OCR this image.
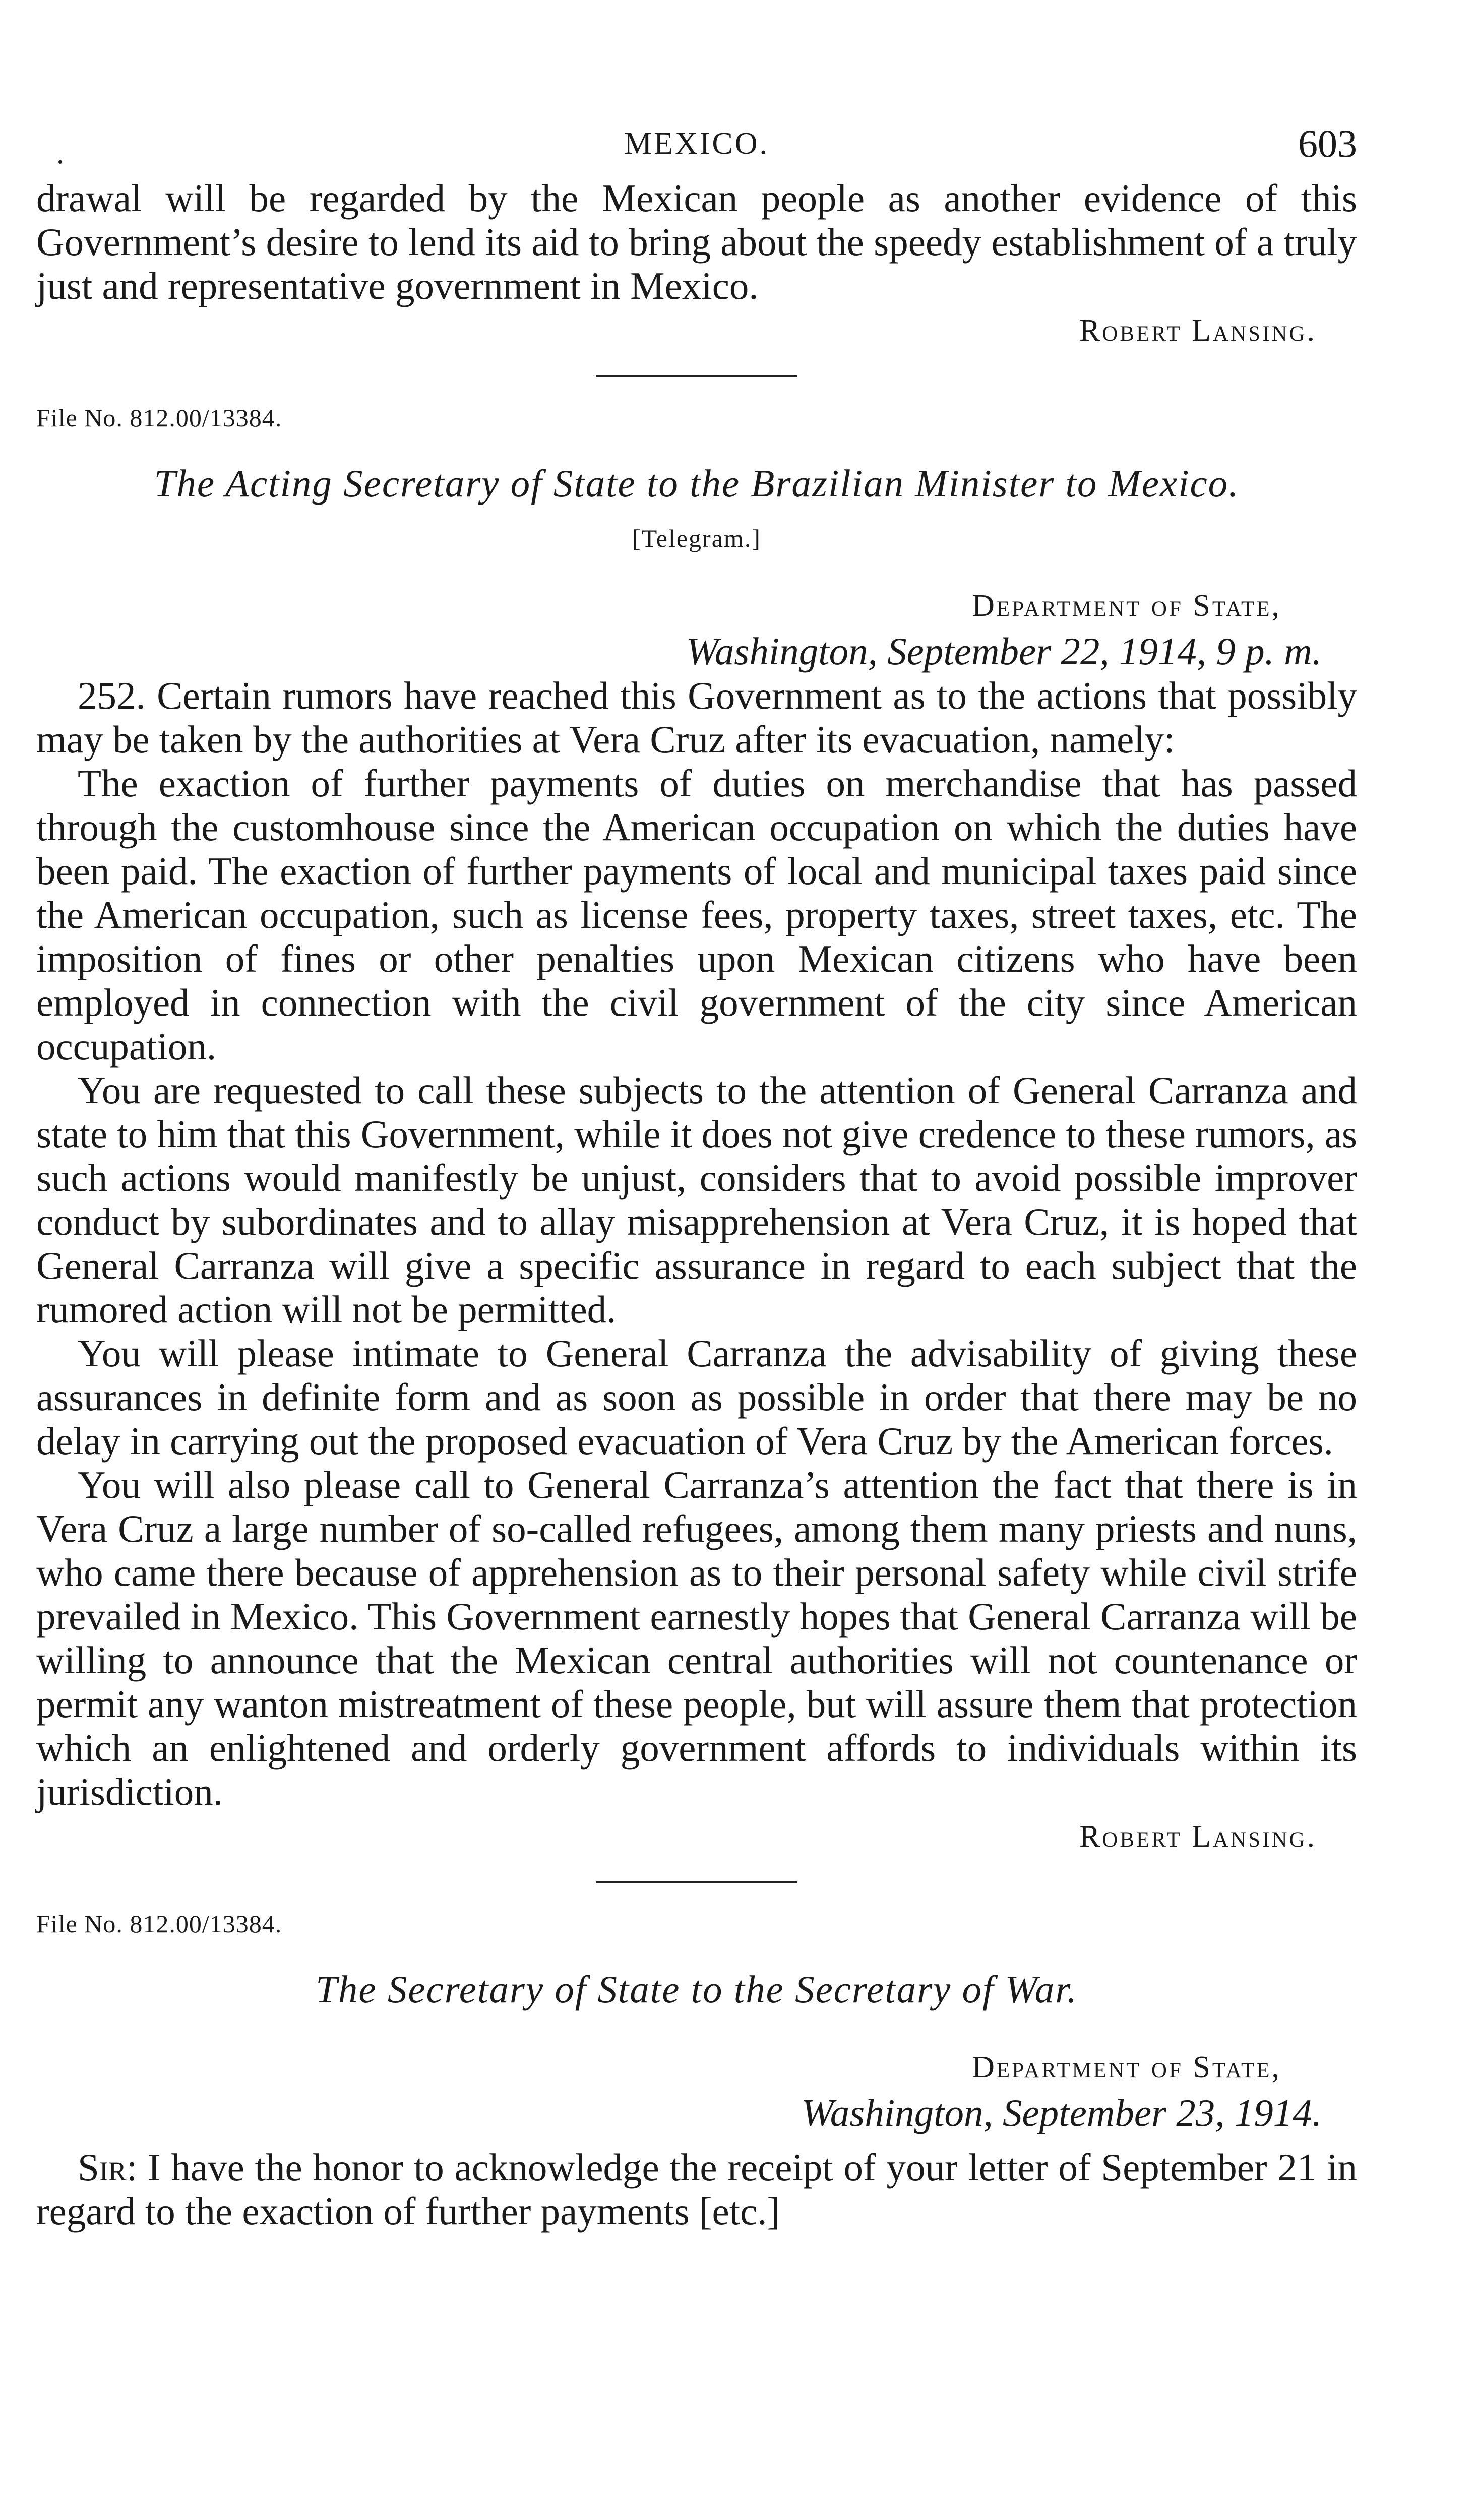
.	MEXICO.	603

drawal will be regarded by the Mexican people as another evidence of this Government’s desire to lend its aid to bring about the speedy establishment of a truly just and representative government in Mexico.

Robert Lansing.

File No. 812.00/13384.

The Acting Secretary of State to the Brazilian Minister to Mexico.
[Telegram.]

Department of State,
Washington, September 22, 1914, 9 p. m.

252. Certain rumors have reached this Government as to the actions that possibly may be taken by the authorities at Vera Cruz after its evacuation, namely:

The exaction of further payments of duties on merchandise that has passed through the customhouse since the American occupation on which the duties have been paid. The exaction of further payments of local and municipal taxes paid since the American occupation, such as license fees, property taxes, street taxes, etc. The imposition of fines or other penalties upon Mexican citizens who have been employed in connection with the civil government of the city since American occupation.

You are requested to call these subjects to the attention of General Carranza and state to him that this Government, while it does not give credence to these rumors, as such actions would manifestly be unjust, considers that to avoid possible improver conduct by subordinates and to allay misapprehension at Vera Cruz, it is hoped that General Carranza will give a specific assurance in regard to each subject that the rumored action will not be permitted.

You will please intimate to General Carranza the advisability of giving these assurances in definite form and as soon as possible in order that there may be no delay in carrying out the proposed evacuation of Vera Cruz by the American forces.

You will also please call to General Carranza’s attention the fact that there is in Vera Cruz a large number of so-called refugees, among them many priests and nuns, who came there because of apprehension as to their personal safety while civil strife prevailed in Mexico. This Government earnestly hopes that General Carranza will be willing to announce that the Mexican central authorities will not countenance or permit any wanton mistreatment of these people, but will assure them that protection which an enlightened and orderly government affords to individuals within its jurisdiction.

Robert Lansing.

File No. 812.00/13384.

The Secretary of State to the Secretary of War.

Department of State,
Washington, September 23, 1914.

Sir: I have the honor to acknowledge the receipt of your letter of September 21 in regard to the exaction of further payments [etc.]
